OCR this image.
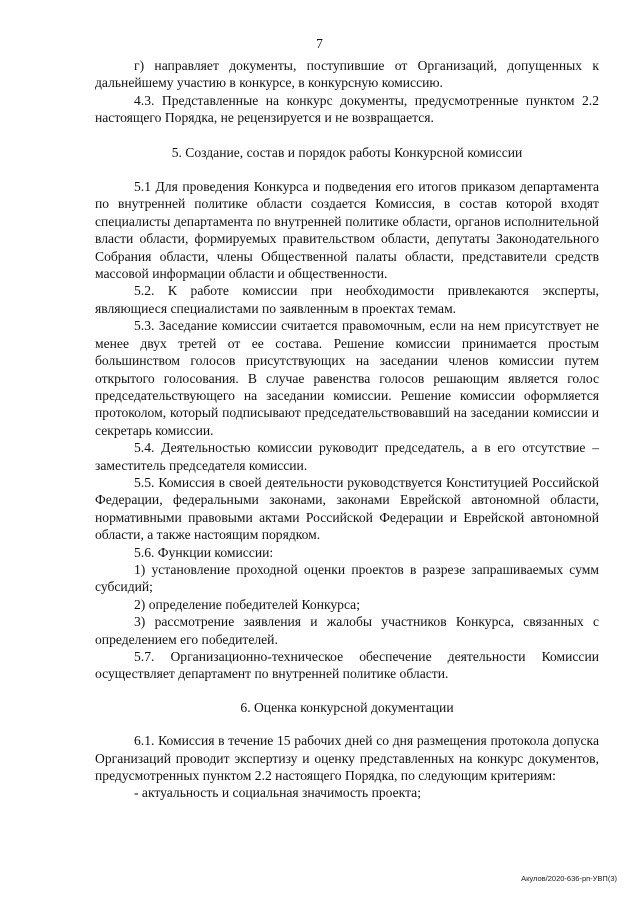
7

г) направляет документы, поступившие от Организаций, допущенных к дальнейшему участию в конкурсе, в конкурсную комиссию.

4.3. Представленные на конкурс документы, предусмотренные пунктом 2.2 настоящего Порядка, не рецензируется и не возвращается.

5. Создание, состав и порядок работы Конкурсной комиссии

5.1 Для проведения Конкурса и подведения его итогов приказом департамента по внутренней политике области создается Комиссия, в состав которой входят специалисты департамента по внутренней политике области, органов исполнительной власти области, формируемых правительством области, депутаты Законодательного Собрания области, члены Общественной палаты области, представители средств массовой информации области и общественности.

5.2. К работе комиссии при необходимости привлекаются эксперты, являющиеся специалистами по заявленным в проектах темам.

5.3. Заседание комиссии считается правомочным, если на нем присутствует не менее двух третей от ее состава. Решение комиссии принимается простым большинством голосов присутствующих на заседании членов комиссии путем открытого голосования. В случае равенства голосов решающим является голос председательствующего на заседании комиссии. Решение комиссии оформляется протоколом, который подписывают председательствовавший на заседании комиссии и секретарь комиссии.

5.4. Деятельностью комиссии руководит председатель, а в его отсутствие – заместитель председателя комиссии.

5.5. Комиссия в своей деятельности руководствуется Конституцией Российской Федерации, федеральными законами, законами Еврейской автономной области, нормативными правовыми актами Российской Федерации и Еврейской автономной области, а также настоящим порядком.

5.6. Функции комиссии:

1) установление проходной оценки проектов в разрезе запрашиваемых сумм субсидий;

2) определение победителей Конкурса;

3) рассмотрение заявления и жалобы участников Конкурса, связанных с определением его победителей.

5.7. Организационно-техническое обеспечение деятельности Комиссии осуществляет департамент по внутренней политике области.

6. Оценка конкурсной документации

6.1. Комиссия в течение 15 рабочих дней со дня размещения протокола допуска Организаций проводит экспертизу и оценку представленных на конкурс документов, предусмотренных пунктом 2.2 настоящего Порядка, по следующим критериям:

- актуальность и социальная значимость проекта;

Акулов/2020-636-рп-УВП(3)
